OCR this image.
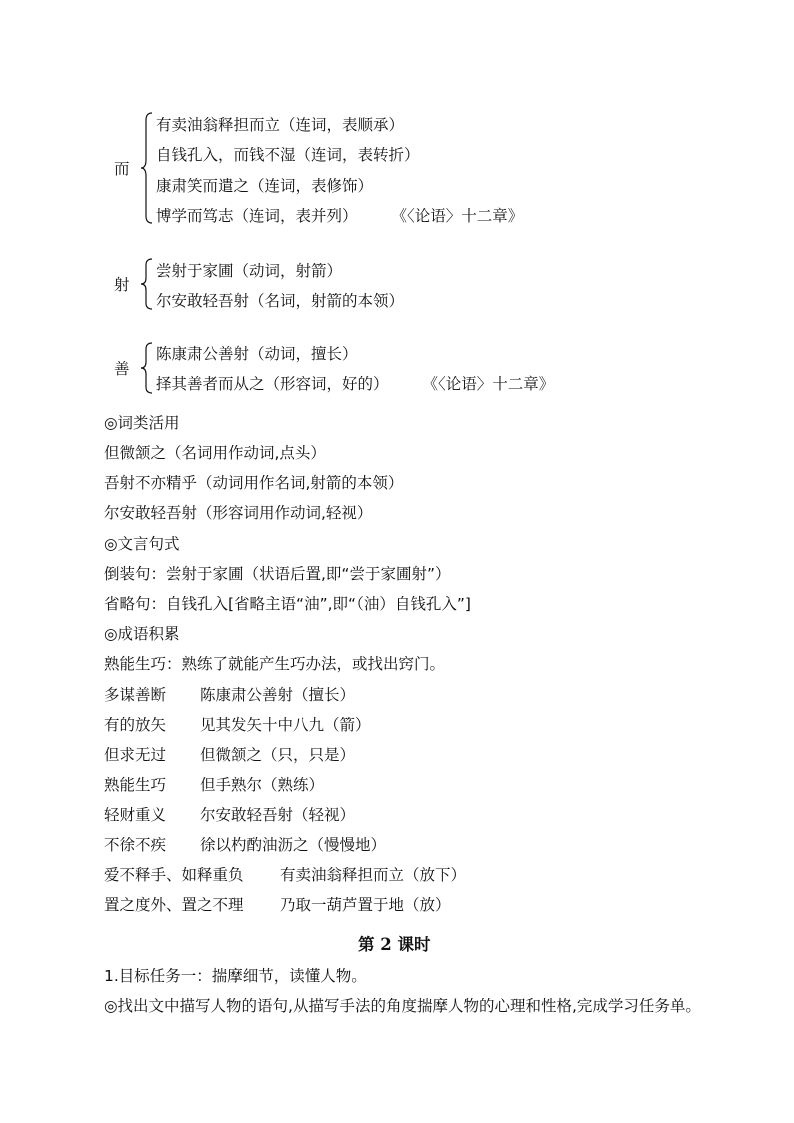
而
有卖油翁释担而立（连词，表顺承）
自钱孔入，而钱不湿（连词，表转折）
康肃笑而遣之（连词，表修饰）
博学而笃志（连词，表并列） 《〈论语〉十二章》
射
尝射于家圃（动词，射箭）
尔安敢轻吾射（名词，射箭的本领）
善
陈康肃公善射（动词，擅长）
择其善者而从之（形容词，好的） 《〈论语〉十二章》
◎词类活用
但微颔之（名词用作动词,点头）
吾射不亦精乎（动词用作名词,射箭的本领）
尔安敢轻吾射（形容词用作动词,轻视）
◎文言句式
倒装句：尝射于家圃（状语后置,即“尝于家圃射”）
省略句：自钱孔入[省略主语“油”,即“（油）自钱孔入”]
◎成语积累
熟能生巧：熟练了就能产生巧办法，或找出窍门。
多谋善断 陈康肃公善射（擅长）
有的放矢 见其发矢十中八九（箭）
但求无过 但微颔之（只，只是）
熟能生巧 但手熟尔（熟练）
轻财重义 尔安敢轻吾射（轻视）
不徐不疾 徐以杓酌油沥之（慢慢地）
爱不释手、如释重负 有卖油翁释担而立（放下）
置之度外、置之不理 乃取一葫芦置于地（放）
第 2 课时
1.目标任务一：揣摩细节，读懂人物。
◎找出文中描写人物的语句,从描写手法的角度揣摩人物的心理和性格,完成学习任务单。
